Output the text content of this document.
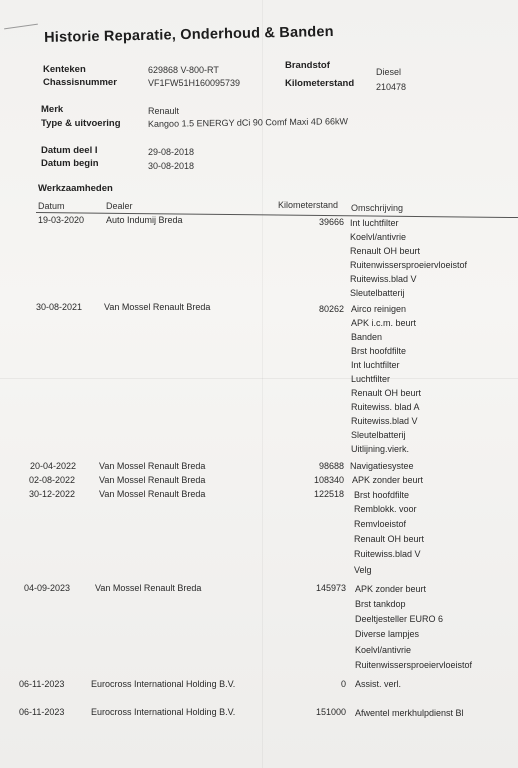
Historie Reparatie, Onderhoud & Banden
Kenteken	629868 V-800-RT
Chassisnummer	VF1FW51H160095739
Brandstof
Diesel
Kilometerstand 210478
Merk	Renault
Type & uitvoering	Kangoo 1.5 ENERGY dCi 90 Comf Maxi 4D 66kW
Datum deel I	29-08-2018
Datum begin	30-08-2018
Werkzaamheden
Datum	Dealer	Kilometerstand Omschrijving
19-03-2020 Auto Indumij Breda	39666 Int luchtfilter
Koelvl/antivrie
Renault OH beurt
Ruitenwissersproeiervloeistof
Ruitewiss.blad V
Sleutelbatterij
30-08-2021 Van Mossel Renault Breda	80262 Airco reinigen
APK i.c.m. beurt
Banden
Brst hoofdfilte
Int luchtfilter
Luchtfilter
Renault OH beurt
Ruitewiss. blad A
Ruitewiss.blad V
Sleutelbatterij
Uitlijning.vierk.
20-04-2022	Van Mossel Renault Breda	98688 Navigatiesystee
02-08-2022	Van Mossel Renault Breda	108340 APK zonder beurt
30-12-2022	Van Mossel Renault Breda	122518 Brst hoofdfilte
Remblokk. voor
Remvloeistof
Renault OH beurt
Ruitewiss.blad V
Velg
04-09-2023	Van Mossel Renault Breda	145973 APK zonder beurt
Brst tankdop
Deeltjesteller EURO 6
Diverse lampjes
Koelvl/antivrie
Ruitenwissersproeiervloeistof
06-11-2023	Eurocross International Holding B.V.	0 Assist. verl.
06-11-2023	Eurocross International Holding B.V.	151000 Afwentel merkhulpdienst Bl
